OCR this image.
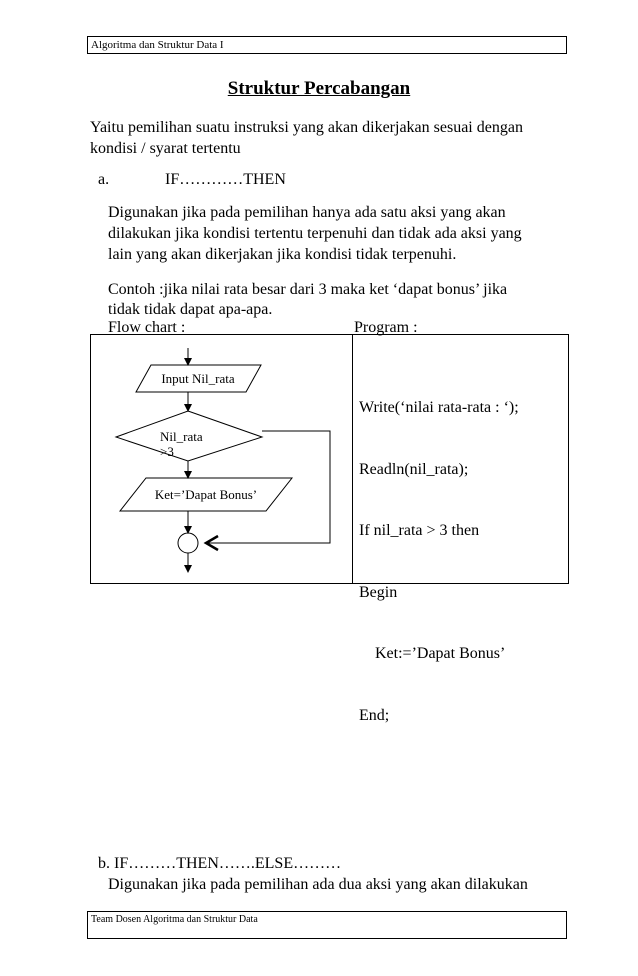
Algoritma dan Struktur Data I
Struktur Percabangan
Yaitu pemilihan suatu instruksi yang akan dikerjakan sesuai dengan
kondisi / syarat tertentu
a.	IF…………THEN
Digunakan jika pada pemilihan hanya ada satu aksi yang akan
dilakukan jika kondisi tertentu terpenuhi dan tidak ada aksi yang
lain yang akan dikerjakan jika kondisi tidak terpenuhi.
Contoh :jika nilai rata besar dari 3 maka ket ‘dapat bonus’ jika
tidak tidak dapat apa-apa.
Flow chart :	Program :
Input Nil_rata
Nil_rata
>3
Ket=’Dapat Bonus’

Write(‘nilai rata-rata : ‘);

Readln(nil_rata);

If nil_rata > 3 then

Begin

Ket:=’Dapat Bonus’

End;

b. IF………THEN…….ELSE………
Digunakan jika pada pemilihan ada dua aksi yang akan dilakukan
Team Dosen Algoritma dan Struktur Data
